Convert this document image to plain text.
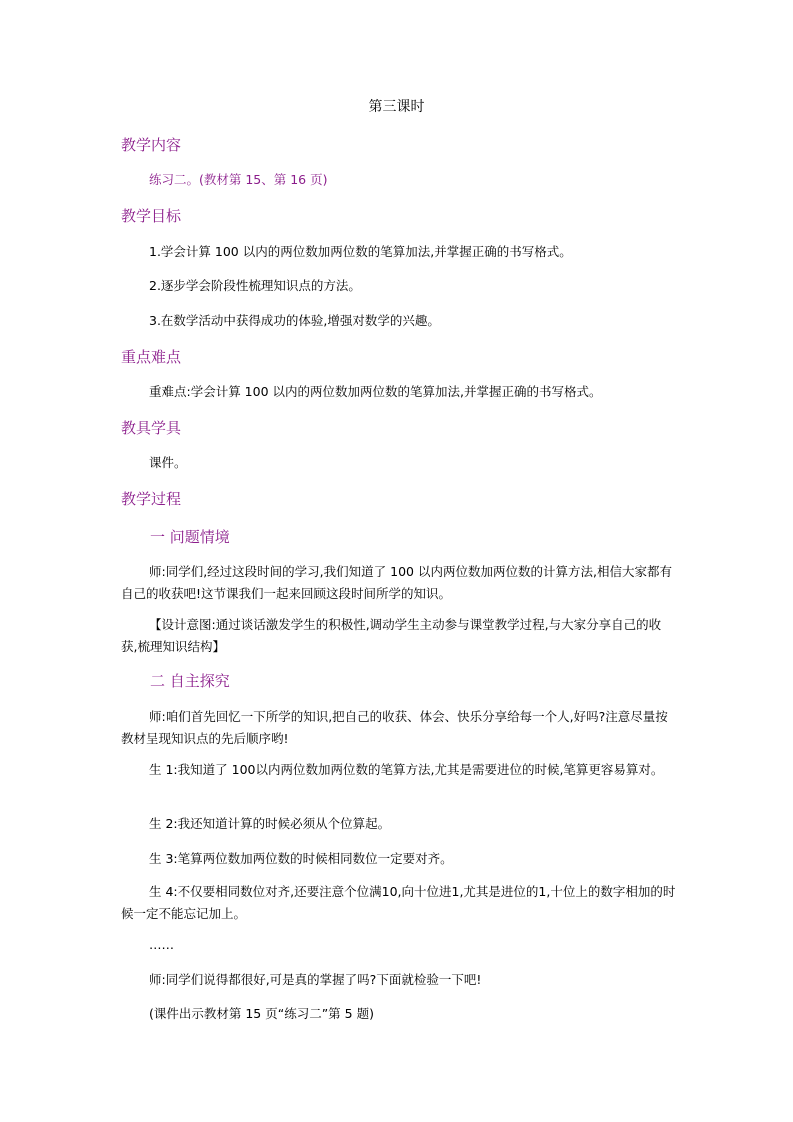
第三课时
教学内容
练习二。(教材第 15、第 16 页)
教学目标
1.学会计算 100 以内的两位数加两位数的笔算加法,并掌握正确的书写格式。
2.逐步学会阶段性梳理知识点的方法。
3.在数学活动中获得成功的体验,增强对数学的兴趣。
重点难点
重难点:学会计算 100 以内的两位数加两位数的笔算加法,并掌握正确的书写格式。
教具学具
课件。
教学过程
一 问题情境
师:同学们,经过这段时间的学习,我们知道了 100 以内两位数加两位数的计算方法,相信大家都有自己的收获吧!这节课我们一起来回顾这段时间所学的知识。
【设计意图:通过谈话激发学生的积极性,调动学生主动参与课堂教学过程,与大家分享自己的收获,梳理知识结构】
二 自主探究
师:咱们首先回忆一下所学的知识,把自己的收获、体会、快乐分享给每一个人,好吗?注意尽量按教材呈现知识点的先后顺序哟!
生 1:我知道了 100以内两位数加两位数的笔算方法,尤其是需要进位的时候,笔算更容易算对。
生 2:我还知道计算的时候必须从个位算起。
生 3:笔算两位数加两位数的时候相同数位一定要对齐。
生 4:不仅要相同数位对齐,还要注意个位满10,向十位进1,尤其是进位的1,十位上的数字相加的时候一定不能忘记加上。
……
师:同学们说得都很好,可是真的掌握了吗?下面就检验一下吧!
(课件出示教材第 15 页“练习二”第 5 题)
